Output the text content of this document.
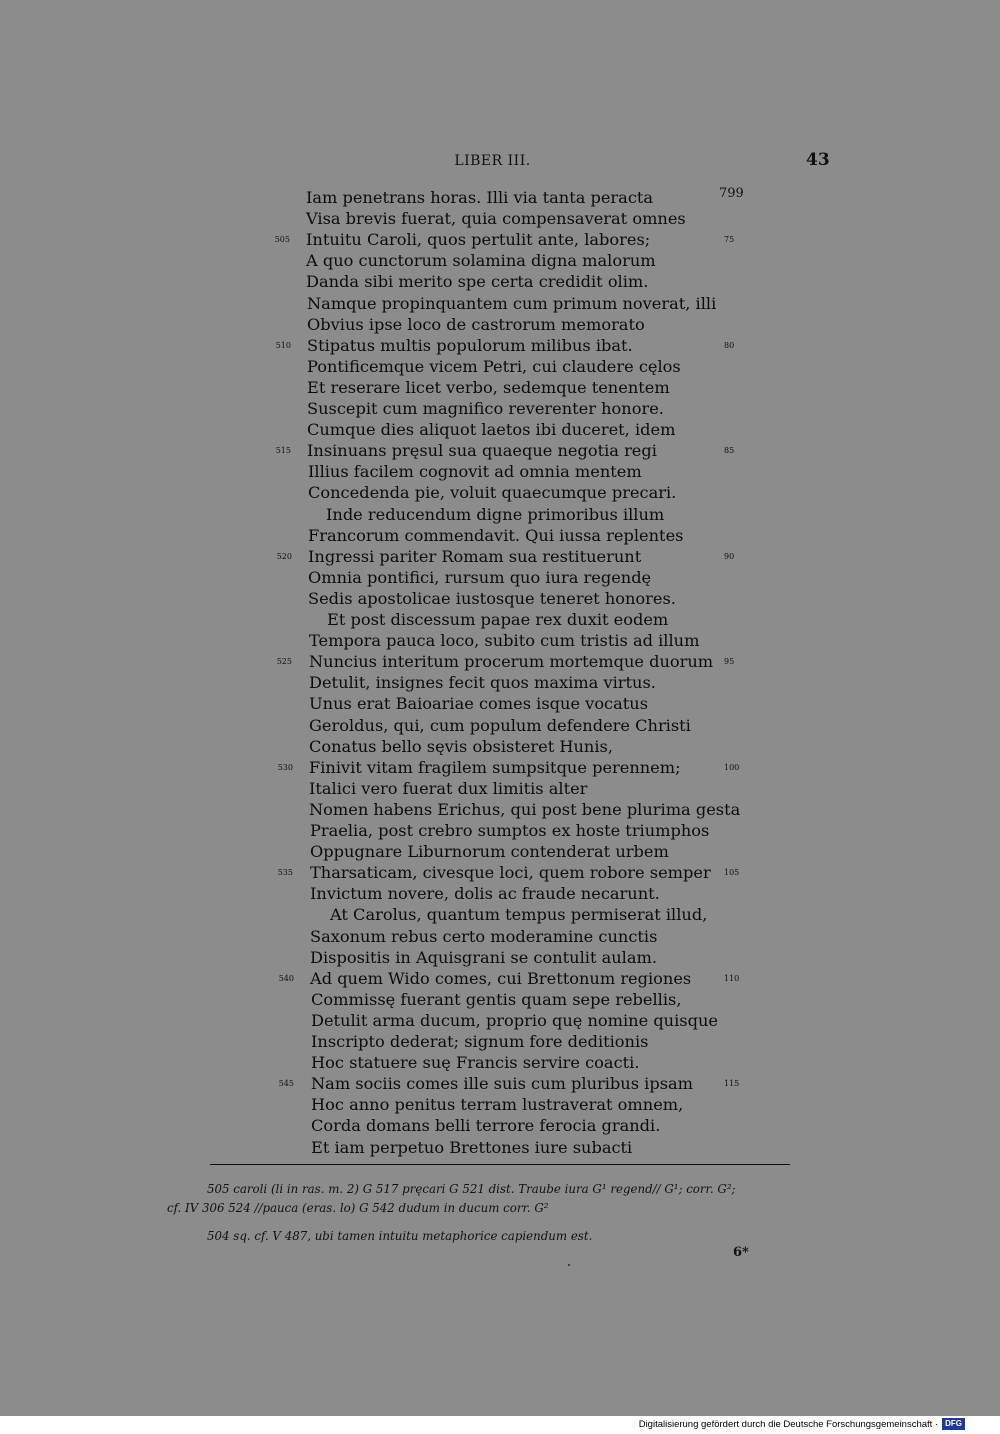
LIBER III.	43
Iam penetrans horas. Illi via tanta peracta
Visa brevis fuerat, quia compensaverat omnes
Intuitu Caroli, quos pertulit ante, labores;
A quo cunctorum solamina digna malorum
Danda sibi merito spe certa credidit olim.
Namque propinquantem cum primum noverat, illi
Obvius ipse loco de castrorum memorato
Stipatus multis populorum milibus ibat.
Pontificemque vicem Petri, cui claudere cęlos
Et reserare licet verbo, sedemque tenentem
Suscepit cum magnifico reverenter honore.
Cumque dies aliquot laetos ibi duceret, idem
Insinuans pręsul sua quaeque negotia regi
Illius facilem cognovit ad omnia mentem
Concedenda pie, voluit quaecumque precari.
Inde reducendum digne primoribus illum
Francorum commendavit. Qui iussa replentes
Ingressi pariter Romam sua restituerunt
Omnia pontifici, rursum quo iura regendę
Sedis apostolicae iustosque teneret honores.
Et post discessum papae rex duxit eodem
Tempora pauca loco, subito cum tristis ad illum
Nuncius interitum procerum mortemque duorum
Detulit, insignes fecit quos maxima virtus.
Unus erat Baioariae comes isque vocatus
Geroldus, qui, cum populum defendere Christi
Conatus bello sęvis obsisteret Hunis,
Finivit vitam fragilem sumpsitque perennem;
Italici vero fuerat dux limitis alter
Nomen habens Erichus, qui post bene plurima gesta
Praelia, post crebro sumptos ex hoste triumphos
Oppugnare Liburnorum contenderat urbem
Tharsaticam, civesque loci, quem robore semper
Invictum novere, dolis ac fraude necarunt.
At Carolus, quantum tempus permiserat illud,
Saxonum rebus certo moderamine cunctis
Dispositis in Aquisgrani se contulit aulam.
Ad quem Wido comes, cui Brettonum regiones
Commissę fuerant gentis quam sepe rebellis,
Detulit arma ducum, proprio quę nomine quisque
Inscripto dederat; signum fore deditionis
Hoc statuere suę Francis servire coacti.
Nam sociis comes ille suis cum pluribus ipsam
Hoc anno penitus terram lustraverat omnem,
Corda domans belli terrore ferocia grandi.
Et iam perpetuo Brettones iure subacti
505
510
515
520
525
530
535
540
545
799
75
80
85
90
95
100
105
110
115
505 caroli (li in ras. m. 2) G 517 pręcari G 521 dist. Traube iura G¹ regend// G¹; corr. G²;
cf. IV 306 524 //pauca (eras. lo) G 542 dudum in ducum corr. G²
504 sq. cf. V 487, ubi tamen intuitu metaphorice capiendum est.
6*
Digitalisierung gefördert durch die Deutsche Forschungsgemeinschaft · DFG
